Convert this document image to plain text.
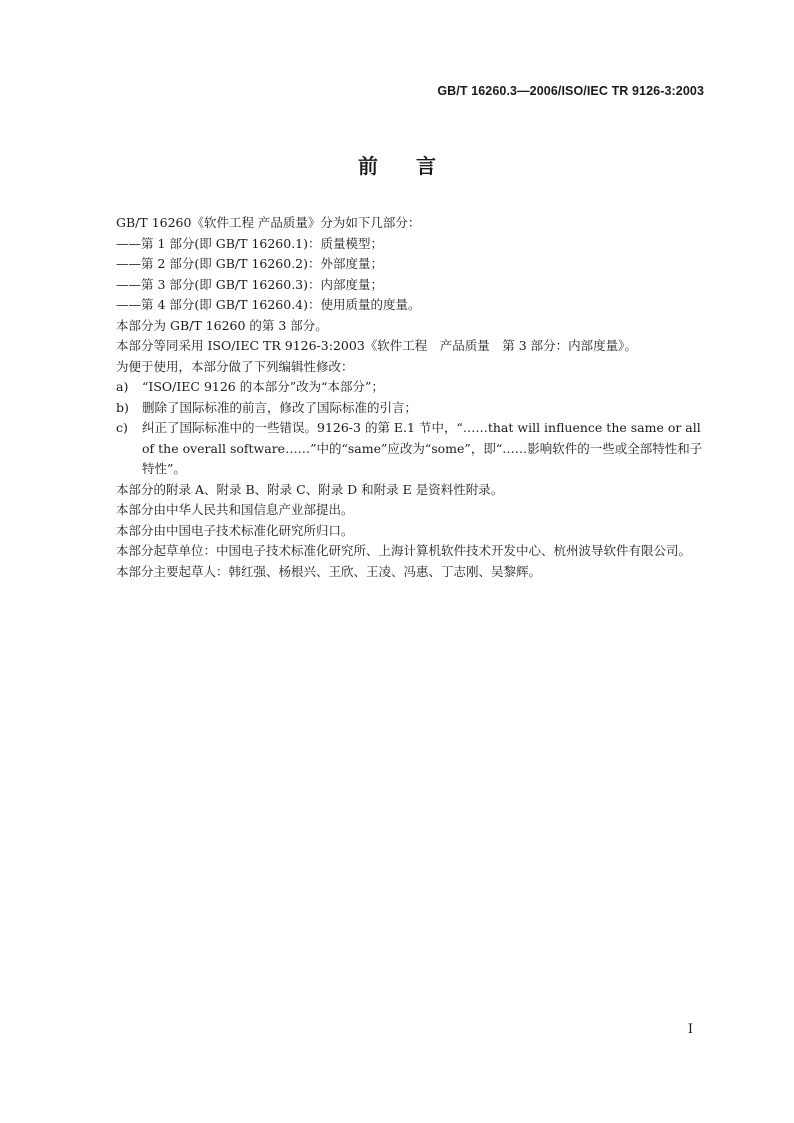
GB/T 16260.3—2006/ISO/IEC TR 9126-3:2003
前言

GB/T 16260《软件工程 产品质量》分为如下几部分：

——第 1 部分(即 GB/T 16260.1)：质量模型；

——第 2 部分(即 GB/T 16260.2)：外部度量；

——第 3 部分(即 GB/T 16260.3)：内部度量；

——第 4 部分(即 GB/T 16260.4)：使用质量的度量。

本部分为 GB/T 16260 的第 3 部分。

本部分等同采用 ISO/IEC TR 9126-3:2003《软件工程　产品质量　第 3 部分：内部度量》。

为便于使用，本部分做了下列编辑性修改：

a) “ISO/IEC 9126 的本部分”改为“本部分”；
b) 删除了国际标准的前言，修改了国际标准的引言；
c) 纠正了国际标准中的一些错误。9126-3 的第 E.1 节中，“……that will influence the same or all of the overall software……”中的“same”应改为“some”，即“……影响软件的一些或全部特性和子特性”。

本部分的附录 A、附录 B、附录 C、附录 D 和附录 E 是资料性附录。

本部分由中华人民共和国信息产业部提出。

本部分由中国电子技术标准化研究所归口。

本部分起草单位：中国电子技术标准化研究所、上海计算机软件技术开发中心、杭州波导软件有限公司。

本部分主要起草人：韩红强、杨根兴、王欣、王凌、冯惠、丁志刚、吴黎辉。

I
